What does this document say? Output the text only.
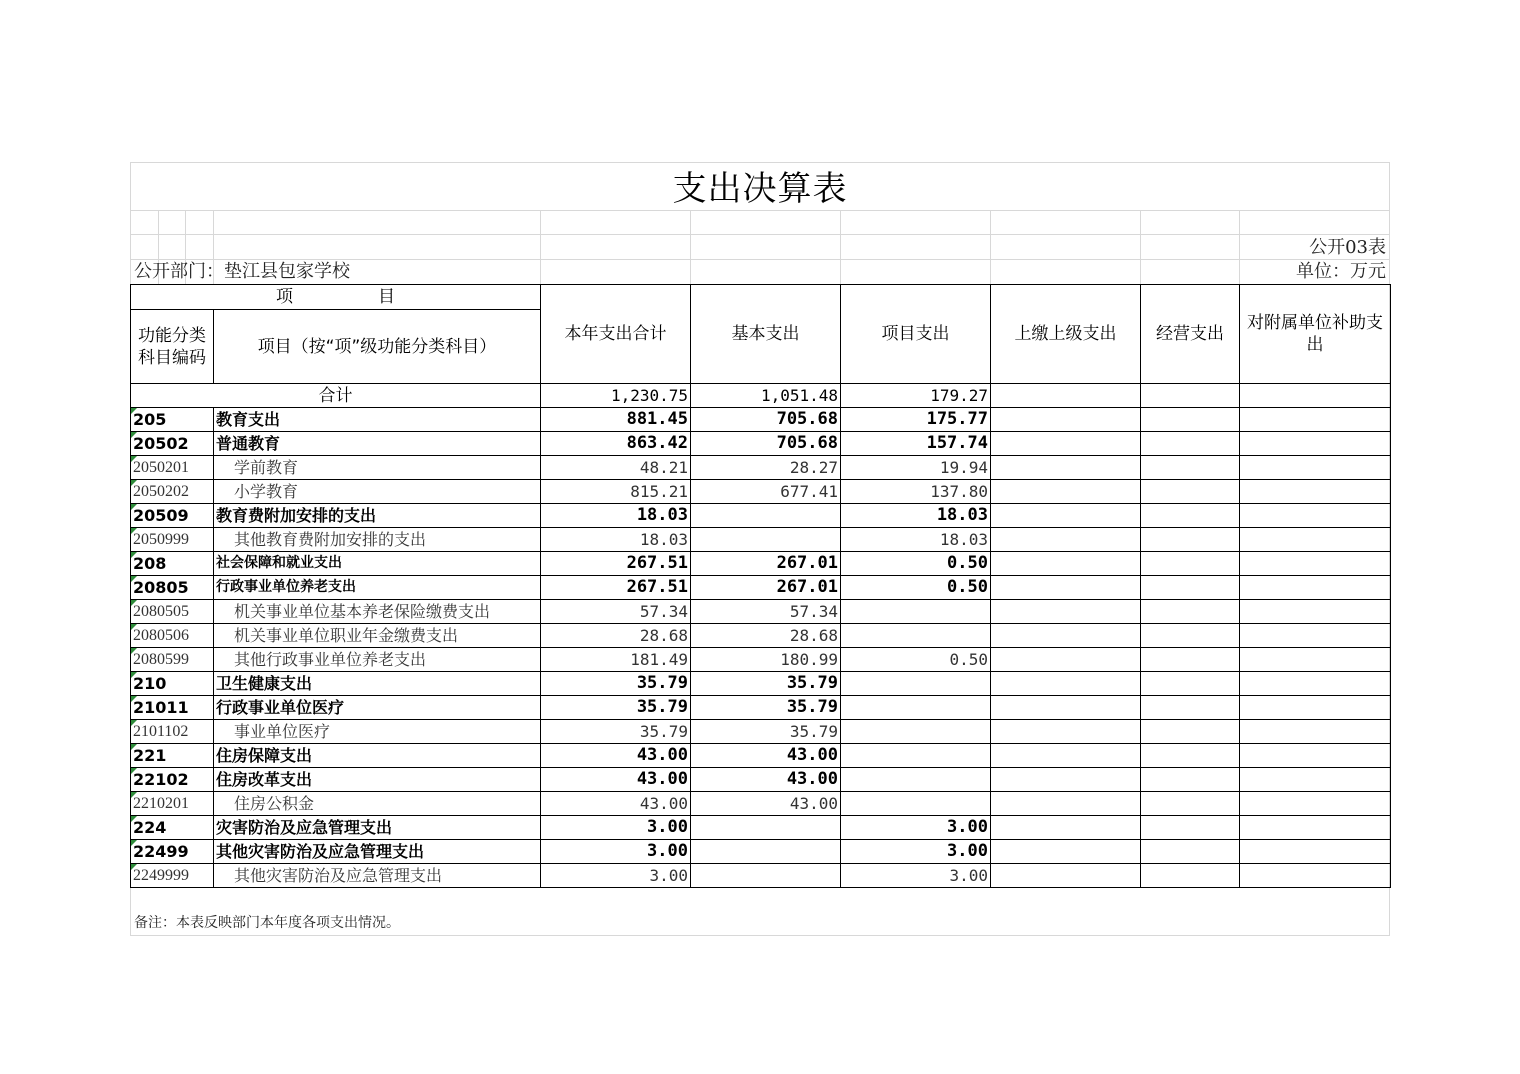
支出决算表
公开03表
公开部门：垫江县包家学校	单位：万元
项　　　　　目		本年支出合计	基本支出	项目支出	上缴上级支出	经营支出	对附属单位补助支出
功能分类科目编码	项目（按“项”级功能分类科目）						
合计		1,230.75	1,051.48	179.27			
205	教育支出	881.45	705.68	175.77			
20502	普通教育	863.42	705.68	157.74			
2050201	学前教育	48.21	28.27	19.94			
2050202	小学教育	815.21	677.41	137.80			
20509	教育费附加安排的支出	18.03		18.03			
2050999	其他教育费附加安排的支出	18.03		18.03			
208	社会保障和就业支出	267.51	267.01	0.50			
20805	行政事业单位养老支出	267.51	267.01	0.50			
2080505	机关事业单位基本养老保险缴费支出	57.34	57.34				
2080506	机关事业单位职业年金缴费支出	28.68	28.68				
2080599	其他行政事业单位养老支出	181.49	180.99	0.50			
210	卫生健康支出	35.79	35.79				
21011	行政事业单位医疗	35.79	35.79				
2101102	事业单位医疗	35.79	35.79				
221	住房保障支出	43.00	43.00				
22102	住房改革支出	43.00	43.00				
2210201	住房公积金	43.00	43.00				
224	灾害防治及应急管理支出	3.00		3.00			
22499	其他灾害防治及应急管理支出	3.00		3.00			
2249999	其他灾害防治及应急管理支出	3.00		3.00			
备注：本表反映部门本年度各项支出情况。
